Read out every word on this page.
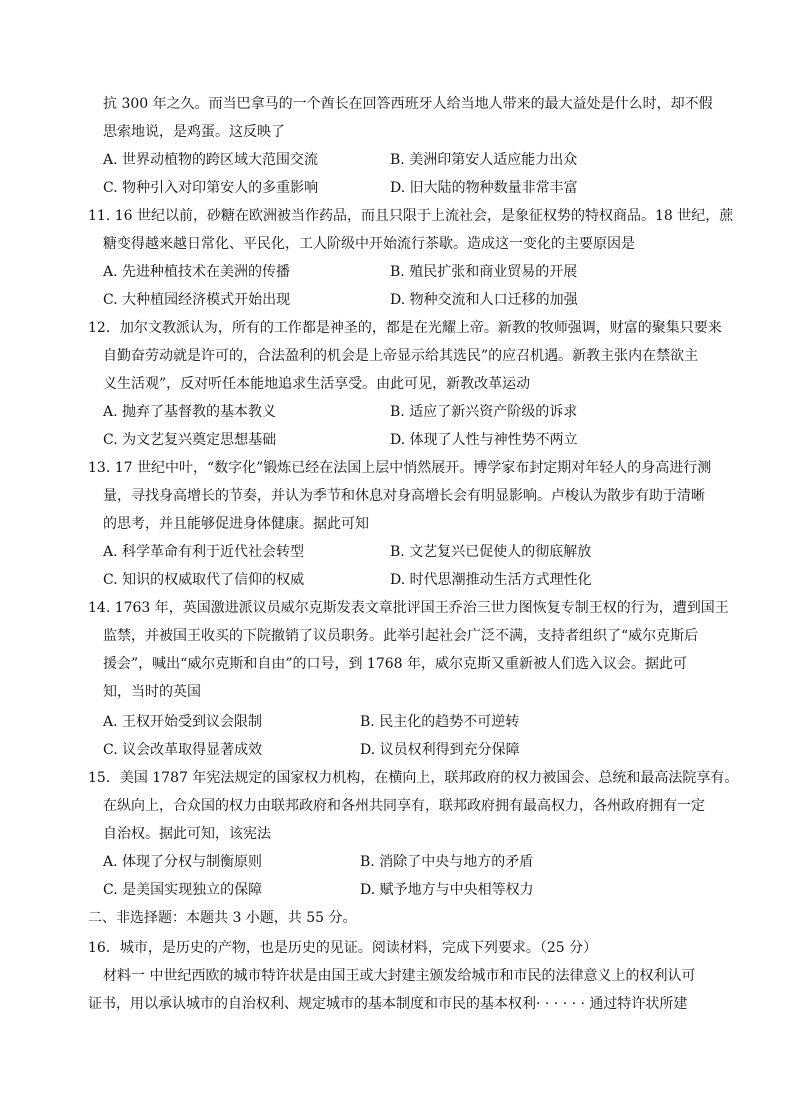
抗 300 年之久。而当巴拿马的一个酋长在回答西班牙人给当地人带来的最大益处是什么时，却不假
思索地说，是鸡蛋。这反映了
A. 世界动植物的跨区域大范围交流	B. 美洲印第安人适应能力出众
C. 物种引入对印第安人的多重影响	D. 旧大陆的物种数量非常丰富
11. 16 世纪以前，砂糖在欧洲被当作药品，而且只限于上流社会，是象征权势的特权商品。18 世纪，蔗
糖变得越来越日常化、平民化，工人阶级中开始流行茶歇。造成这一变化的主要原因是
A. 先进种植技术在美洲的传播	B. 殖民扩张和商业贸易的开展
C. 大种植园经济模式开始出现	D. 物种交流和人口迁移的加强
12．加尔文教派认为，所有的工作都是神圣的，都是在光耀上帝。新教的牧师强调，财富的聚集只要来
自勤奋劳动就是许可的，合法盈利的机会是上帝显示给其选民”的应召机遇。新教主张内在禁欲主
义生活观”，反对听任本能地追求生活享受。由此可见，新教改革运动
A. 抛弃了基督教的基本教义	B. 适应了新兴资产阶级的诉求
C. 为文艺复兴奠定思想基础	D. 体现了人性与神性势不两立
13. 17 世纪中叶，“数字化”锻炼已经在法国上层中悄然展开。博学家布封定期对年轻人的身高进行测
量，寻找身高增长的节奏，并认为季节和休息对身高增长会有明显影响。卢梭认为散步有助于清晰
的思考，并且能够促进身体健康。据此可知
A. 科学革命有利于近代社会转型	B. 文艺复兴已促使人的彻底解放
C. 知识的权威取代了信仰的权威	D. 时代思潮推动生活方式理性化
14. 1763 年，英国激进派议员威尔克斯发表文章批评国王乔治三世力图恢复专制王权的行为，遭到国王
监禁，并被国王收买的下院撤销了议员职务。此举引起社会广泛不满，支持者组织了“威尔克斯后
援会”，喊出“威尔克斯和自由”的口号，到 1768 年，威尔克斯又重新被人们选入议会。据此可
知，当时的英国
A. 王权开始受到议会限制	B. 民主化的趋势不可逆转
C. 议会改革取得显著成效	D. 议员权利得到充分保障
15．美国 1787 年宪法规定的国家权力机构，在横向上，联邦政府的权力被国会、总统和最高法院享有。
在纵向上，合众国的权力由联邦政府和各州共同享有，联邦政府拥有最高权力，各州政府拥有一定
自治权。据此可知，该宪法
A. 体现了分权与制衡原则	B. 消除了中央与地方的矛盾
C. 是美国实现独立的保障	D. 赋予地方与中央相等权力
二、非选择题：本题共 3 小题，共 55 分。
16．城市，是历史的产物，也是历史的见证。阅读材料，完成下列要求。（25 分）
材料一 中世纪西欧的城市特许状是由国王或大封建主颁发给城市和市民的法律意义上的权利认可
证书，用以承认城市的自治权利、规定城市的基本制度和市民的基本权利· · · · · · 通过特许状所建
